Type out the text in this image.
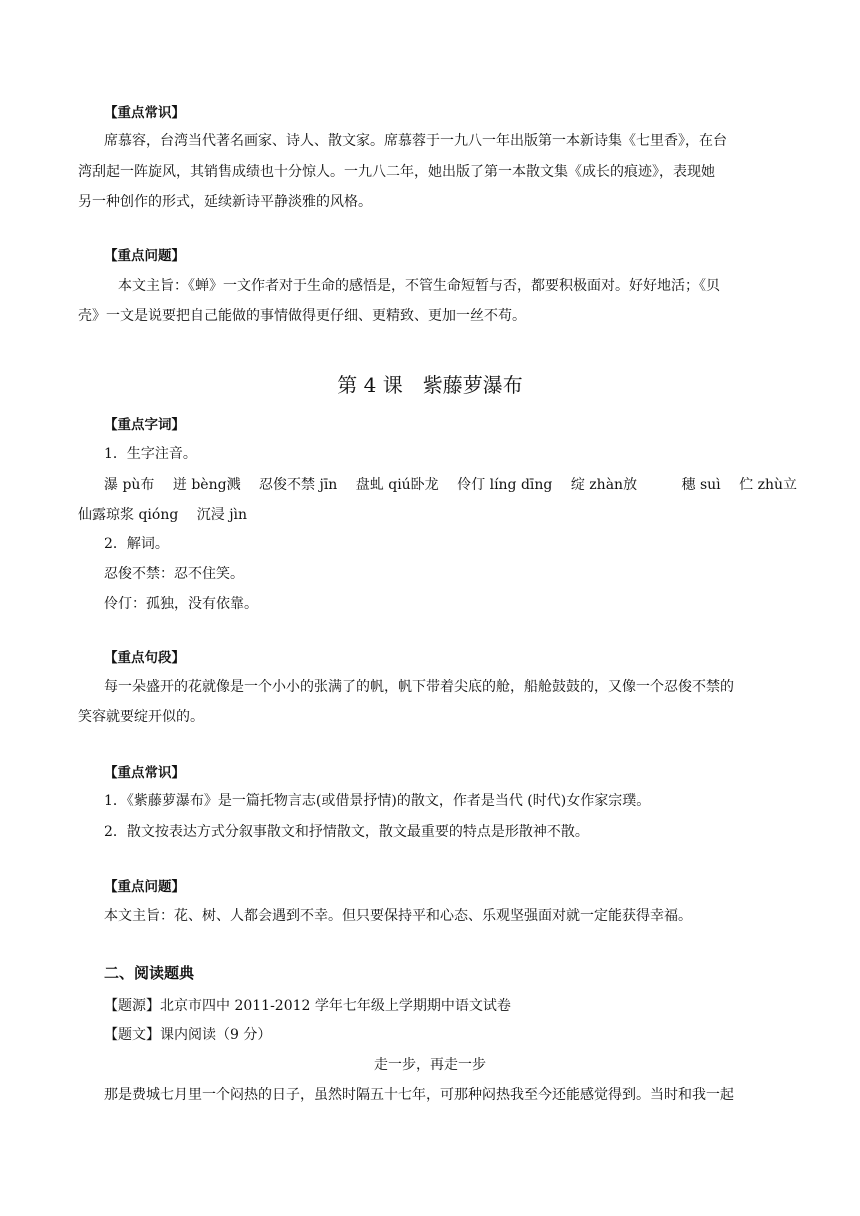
【重点常识】
席慕容，台湾当代著名画家、诗人、散文家。席慕蓉于一九八一年出版第一本新诗集《七里香》，在台
湾刮起一阵旋风，其销售成绩也十分惊人。一九八二年，她出版了第一本散文集《成长的痕迹》，表现她
另一种创作的形式，延续新诗平静淡雅的风格。
【重点问题】
本文主旨：《蝉》一文作者对于生命的感悟是，不管生命短暂与否，都要积极面对。好好地活；《贝
壳》一文是说要把自己能做的事情做得更仔细、更精致、更加一丝不苟。
第 4 课　紫藤萝瀑布
【重点字词】
1．生字注音。
瀑 pù布 迸 bèng溅 忍俊不禁 jīn 盘虬 qiú卧龙 伶仃 líng dīng 绽 zhàn放	穗 suì 伫 zhù立
仙露琼浆 qióng 沉浸 jìn
2．解词。
忍俊不禁：忍不住笑。
伶仃：孤独，没有依靠。
【重点句段】
每一朵盛开的花就像是一个小小的张满了的帆，帆下带着尖底的舱，船舱鼓鼓的，又像一个忍俊不禁的
笑容就要绽开似的。
【重点常识】
1．《紫藤萝瀑布》是一篇托物言志(或借景抒情)的散文，作者是当代 (时代)女作家宗璞。
2．散文按表达方式分叙事散文和抒情散文，散文最重要的特点是形散神不散。
【重点问题】
本文主旨：花、树、人都会遇到不幸。但只要保持平和心态、乐观坚强面对就一定能获得幸福。
二、阅读题典
【题源】北京市四中 2011-2012 学年七年级上学期期中语文试卷
【题文】课内阅读（9 分）
走一步，再走一步
那是费城七月里一个闷热的日子，虽然时隔五十七年，可那种闷热我至今还能感觉得到。当时和我一起
